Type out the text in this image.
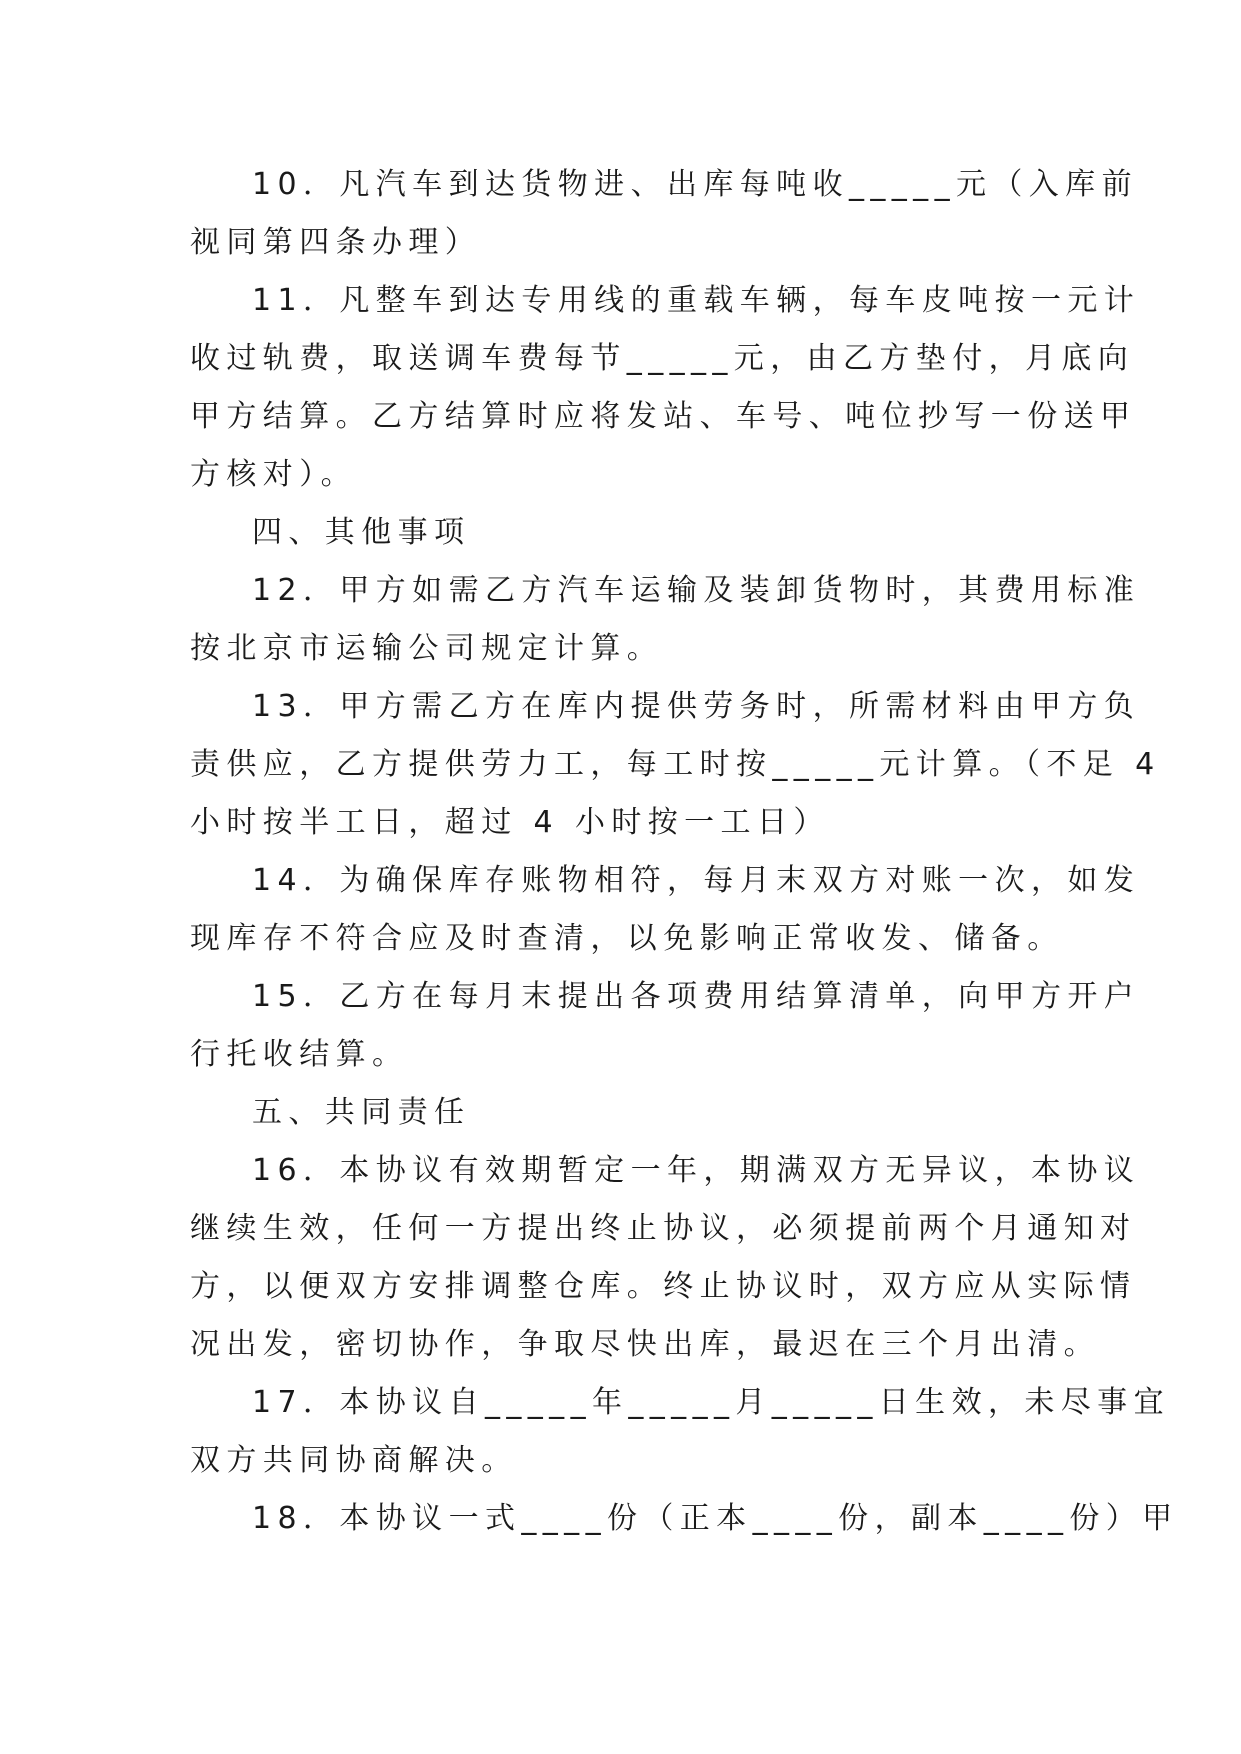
10．凡汽车到达货物进、出库每吨收_____元（入库前
视同第四条办理）
11．凡整车到达专用线的重载车辆，每车皮吨按一元计
收过轨费，取送调车费每节_____元，由乙方垫付，月底向
甲方结算。乙方结算时应将发站、车号、吨位抄写一份送甲
方核对）。
四、其他事项
12．甲方如需乙方汽车运输及装卸货物时，其费用标准
按北京市运输公司规定计算。
13．甲方需乙方在库内提供劳务时，所需材料由甲方负
责供应，乙方提供劳力工，每工时按_____元计算。（不足 4
小时按半工日，超过 4 小时按一工日）
14．为确保库存账物相符，每月末双方对账一次，如发
现库存不符合应及时查清，以免影响正常收发、储备。
15．乙方在每月末提出各项费用结算清单，向甲方开户
行托收结算。
五、共同责任
16．本协议有效期暂定一年，期满双方无异议，本协议
继续生效，任何一方提出终止协议，必须提前两个月通知对
方，以便双方安排调整仓库。终止协议时，双方应从实际情
况出发，密切协作，争取尽快出库，最迟在三个月出清。
17．本协议自_____年_____月_____日生效，未尽事宜
双方共同协商解决。
18．本协议一式____份（正本____份，副本____份）甲
